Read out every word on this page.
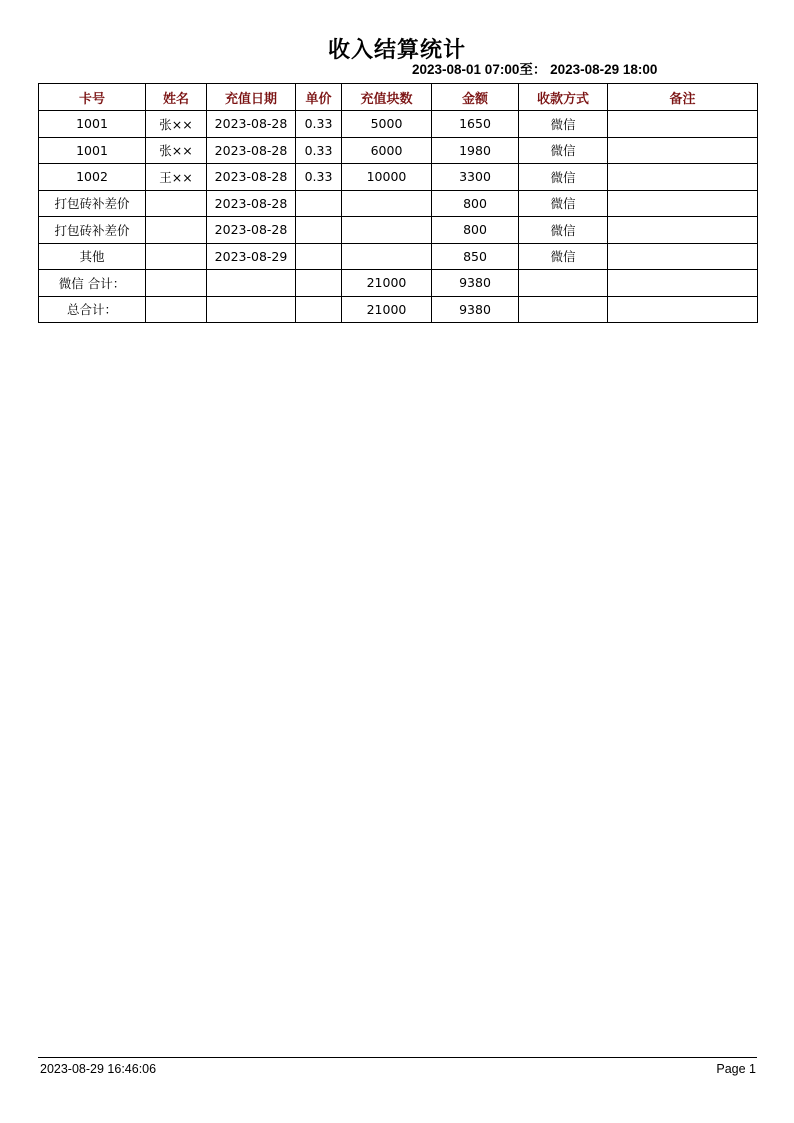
收入结算统计
2023-08-01 07:00至： 2023-08-29 18:00
卡号	姓名	充值日期	单价	充值块数	金额	收款方式	备注
1001	张××	2023-08-28	0.33	5000	1650	微信	
1001	张××	2023-08-28	0.33	6000	1980	微信	
1002	王××	2023-08-28	0.33	10000	3300	微信	
打包砖补差价		2023-08-28			800	微信	
打包砖补差价		2023-08-28			800	微信	
其他		2023-08-29			850	微信	
微信 合计：				21000	9380		
总合计：				21000	9380		
2023-08-29 16:46:06	Page 1
